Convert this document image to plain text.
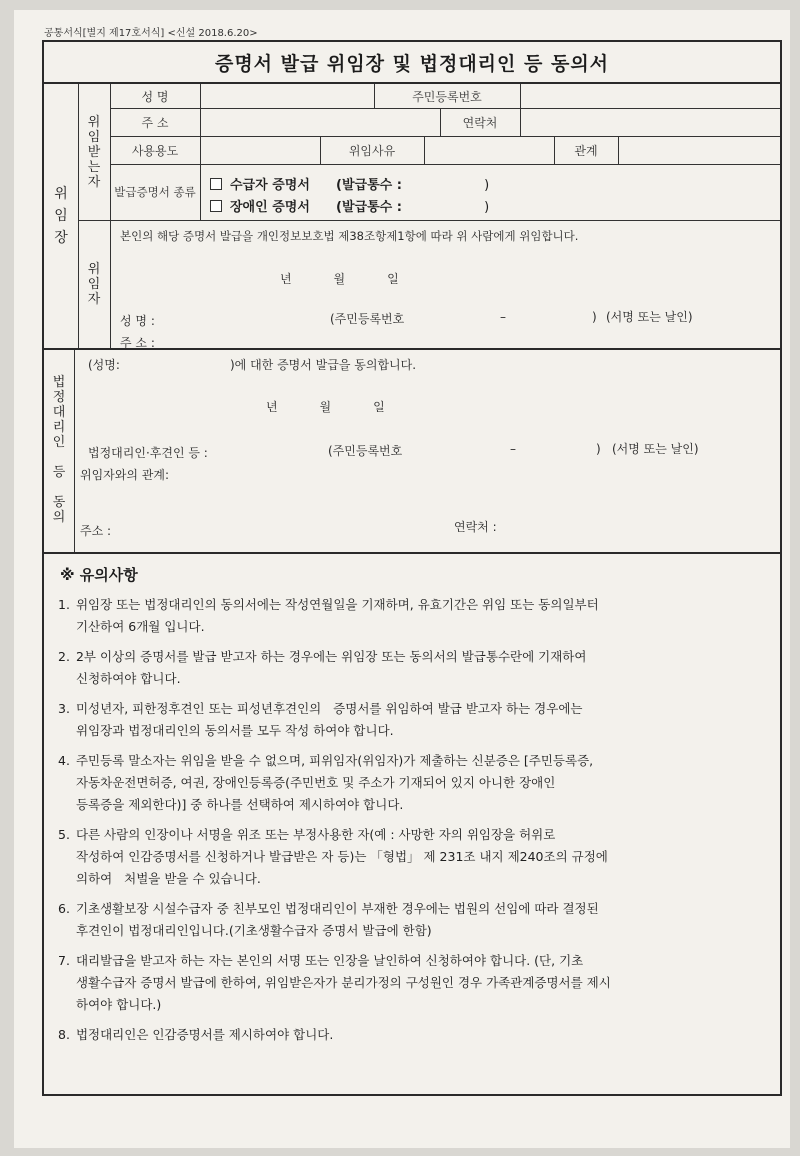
공통서식[별지 제17호서식] <신설 2018.6.20>
증명서 발급 위임장 및 법정대리인 등 동의서
위
임
장
위
임
받
는
자
위
임
자
성 명	주민등록번호
주 소	연락처
사용용도	위임사유	관계
발급증명서 종류	수급자 증명서 (발급통수 :	)
장애인 증명서 (발급통수 :	)
본인의 해당 증명서 발급을 개인정보보호법 제38조항제1항에 따라 위 사람에게 위임합니다.
년           월           일
성 명 :	(주민등록번호	–	) (서명 또는 날인)
주 소 :
법
정
대
리
인

등

동
의
(성명:	)에 대한 증명서 발급을 동의합니다.
년           월           일
법정대리인·후견인 등 :	(주민등록번호	–	) (서명 또는 날인)
위임자와의 관계:
주소 :	연락처 :
※ 유의사항
1. 위임장 또는 법정대리인의 동의서에는 작성연월일을 기재하며, 유효기간은 위임 또는 동의일부터
기산하여 6개월 입니다.
2. 2부 이상의 증명서를 발급 받고자 하는 경우에는 위임장 또는 동의서의 발급통수란에 기재하여
신청하여야 합니다.
3. 미성년자, 피한정후견인 또는 피성년후견인의   증명서를 위임하여 발급 받고자 하는 경우에는
위임장과 법정대리인의 동의서를 모두 작성 하여야 합니다.
4. 주민등록 말소자는 위임을 받을 수 없으며, 피위임자(위임자)가 제출하는 신분증은 [주민등록증,
자동차운전면허증, 여권, 장애인등록증(주민번호 및 주소가 기재되어 있지 아니한 장애인
등록증을 제외한다)] 중 하나를 선택하여 제시하여야 합니다.
5. 다른 사람의 인장이나 서명을 위조 또는 부정사용한 자(예 : 사망한 자의 위임장을 허위로
작성하여 인감증명서를 신청하거나 발급받은 자 등)는 「형법」 제 231조 내지 제240조의 규정에
의하여   처벌을 받을 수 있습니다.
6. 기초생활보장 시설수급자 중 친부모인 법정대리인이 부재한 경우에는 법원의 선임에 따라 결정된
후견인이 법정대리인입니다.(기초생활수급자 증명서 발급에 한함)
7. 대리발급을 받고자 하는 자는 본인의 서명 또는 인장을 날인하여 신청하여야 합니다. (단, 기초
생활수급자 증명서 발급에 한하여, 위임받은자가 분리가정의 구성원인 경우 가족관계증명서를 제시
하여야 합니다.)
8. 법정대리인은 인감증명서를 제시하여야 합니다.
